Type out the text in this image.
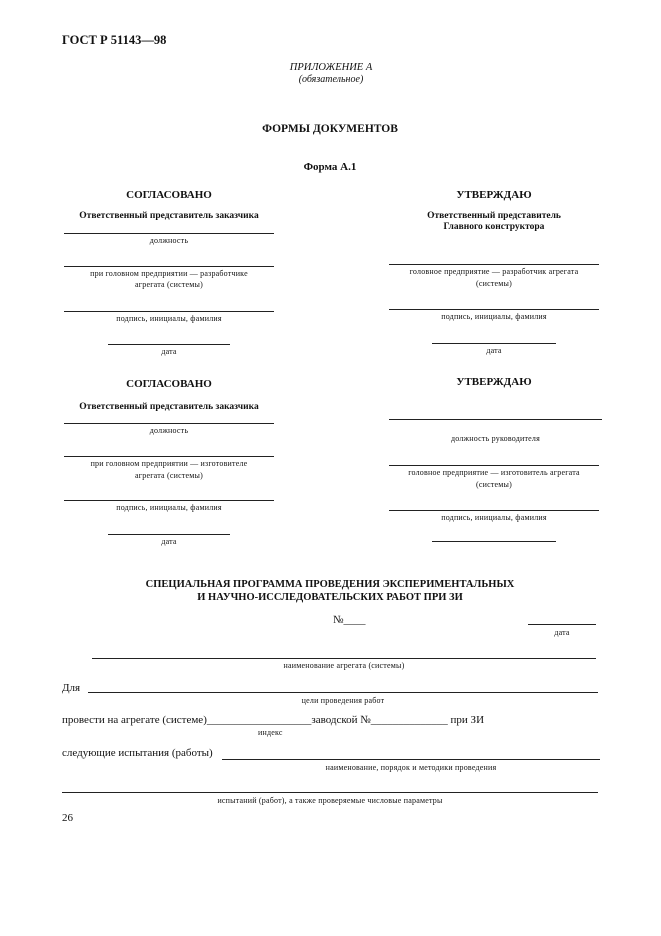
ГОСТ Р 51143—98
ПРИЛОЖЕНИЕ А
(обязательное)
ФОРМЫ ДОКУМЕНТОВ
Форма А.1
СОГЛАСОВАНО
Ответственный представитель заказчика
должность
при головном предприятии — разработчике
агрегата (системы)
подпись, инициалы, фамилия
дата
УТВЕРЖДАЮ
Ответственный представитель
Главного конструктора
головное предприятие — разработчик агрегата
(системы)
подпись, инициалы, фамилия
дата
СОГЛАСОВАНО
Ответственный представитель заказчика
должность
при головном предприятии — изготовителе
агрегата (системы)
подпись, инициалы, фамилия
дата
УТВЕРЖДАЮ
должность руководителя
головное предприятие — изготовитель агрегата
(системы)
подпись, инициалы, фамилия
СПЕЦИАЛЬНАЯ ПРОГРАММА ПРОВЕДЕНИЯ ЭКСПЕРИМЕНТАЛЬНЫХ
И НАУЧНО-ИССЛЕДОВАТЕЛЬСКИХ РАБОТ ПРИ ЗИ
№____
дата
наименование агрегата (системы)
Для
цели проведения работ
провести на агрегате (системе)___________________заводской №______________ при ЗИ
индекс
следующие испытания (работы)
наименование, порядок и методики проведения
испытаний (работ), а также проверяемые числовые параметры
26
